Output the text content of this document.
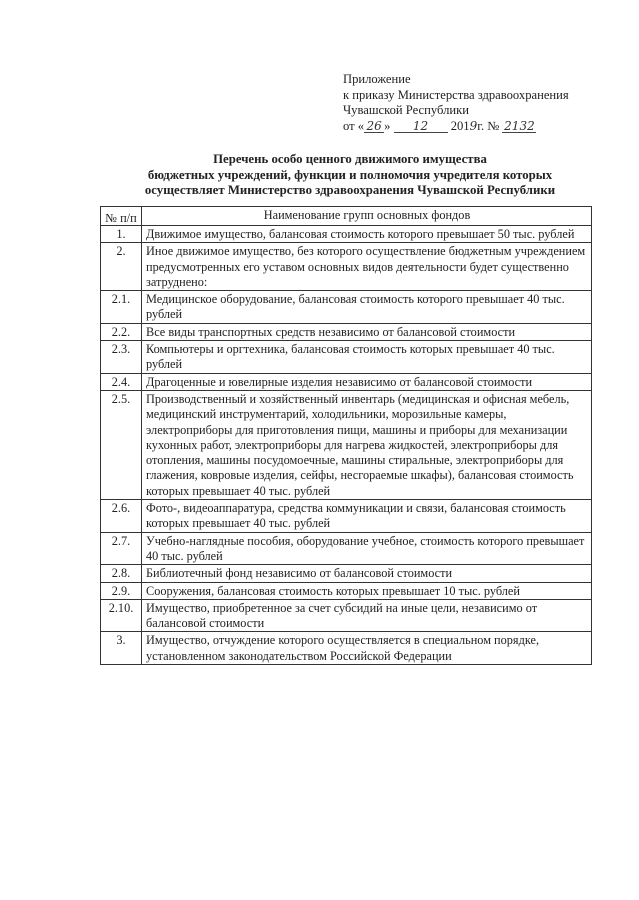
Приложение
к приказу Министерства здравоохранения
Чувашской Республики
от « 26 » 12 2019г. № 2132
Перечень особо ценного движимого имущества
бюджетных учреждений, функции и полномочия учредителя которых
осуществляет Министерство здравоохранения Чувашской Республики
№ п/п	Наименование групп основных фондов
1.	Движимое имущество, балансовая стоимость которого превышает 50 тыс. рублей
2.	Иное движимое имущество, без которого осуществление бюджетным учреждением предусмотренных его уставом основных видов деятельности будет существенно затруднено:
2.1.	Медицинское оборудование, балансовая стоимость которого превышает 40 тыс. рублей
2.2.	Все виды транспортных средств независимо от балансовой стоимости
2.3.	Компьютеры и оргтехника, балансовая стоимость которых превышает 40 тыс. рублей
2.4.	Драгоценные и ювелирные изделия независимо от балансовой стоимости
2.5.	Производственный и хозяйственный инвентарь (медицинская и офисная мебель, медицинский инструментарий, холодильники, морозильные камеры, электроприборы для приготовления пищи, машины и приборы для механизации кухонных работ, электроприборы для нагрева жидкостей, электроприборы для отопления, машины посудомоечные, машины стиральные, электроприборы для глажения, ковровые изделия, сейфы, несгораемые шкафы), балансовая стоимость которых превышает 40 тыс. рублей
2.6.	Фото-, видеоаппаратура, средства коммуникации и связи, балансовая стоимость которых превышает 40 тыс. рублей
2.7.	Учебно-наглядные пособия, оборудование учебное, стоимость которого превышает 40 тыс. рублей
2.8.	Библиотечный фонд независимо от балансовой стоимости
2.9.	Сооружения, балансовая стоимость которых превышает 10 тыс. рублей
2.10.	Имущество, приобретенное за счет субсидий на иные цели, независимо от балансовой стоимости
3.	Имущество, отчуждение которого осуществляется в специальном порядке, установленном законодательством Российской Федерации
